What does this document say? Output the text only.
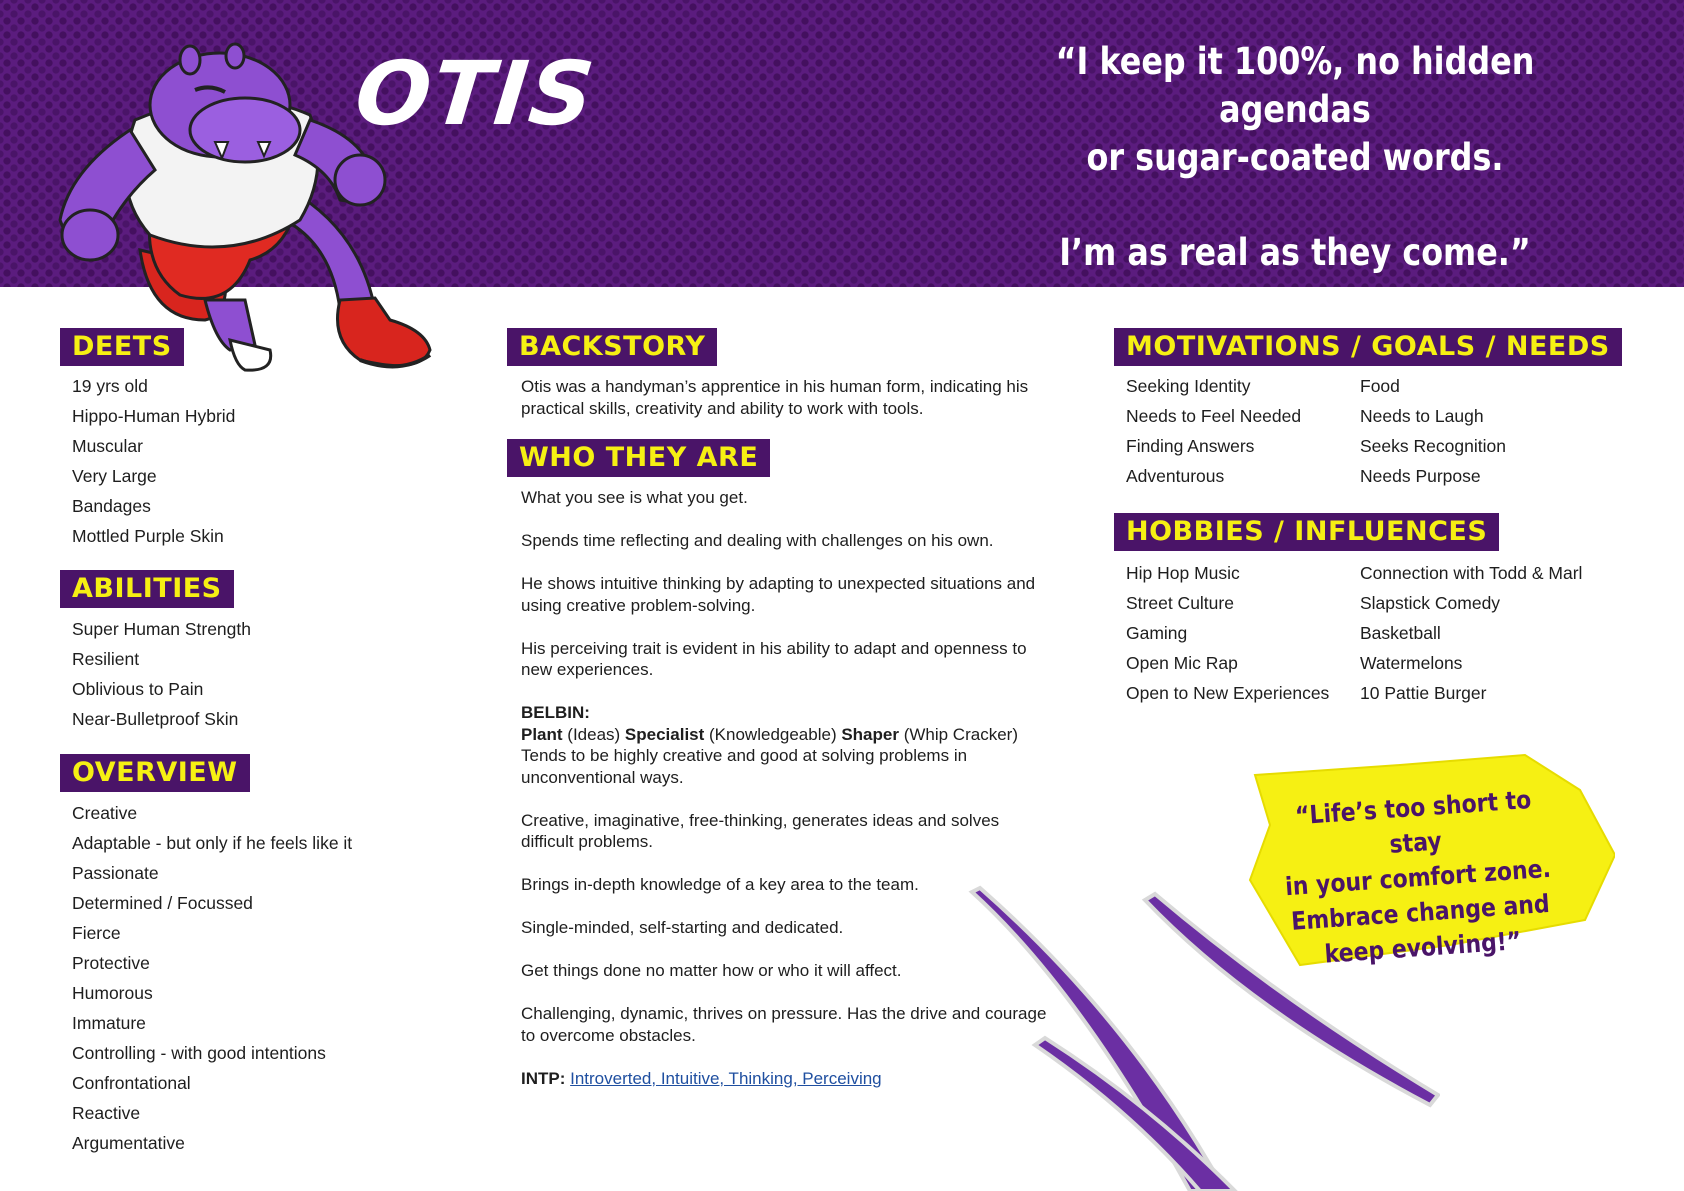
OTIS	“I keep it 100%, no hidden agendas
or sugar-coated words.
I’m as real as they come.”
DEETS
19 yrs old
Hippo-Human Hybrid
Muscular
Very Large
Bandages
Mottled Purple Skin
ABILITIES
Super Human Strength
Resilient
Oblivious to Pain
Near-Bulletproof Skin
OVERVIEW
Creative
Adaptable - but only if he feels like it
Passionate
Determined / Focussed
Fierce
Protective
Humorous
Immature
Controlling - with good intentions
Confrontational
Reactive
Argumentative
BACKSTORY

Otis was a handyman’s apprentice in his human form, indicating his practical skills, creativity and ability to work with tools.

WHO THEY ARE

What you see is what you get.

Spends time reflecting and dealing with challenges on his own.

He shows intuitive thinking by adapting to unexpected situations and using creative problem-solving.

His perceiving trait is evident in his ability to adapt and openness to new experiences.

BELBIN:

Plant (Ideas) Specialist (Knowledgeable) Shaper (Whip Cracker)

Tends to be highly creative and good at solving problems in unconventional ways.

Creative, imaginative, free-thinking, generates ideas and solves difficult problems.

Brings in-depth knowledge of a key area to the team.

Single-minded, self-starting and dedicated.

Get things done no matter how or who it will affect.

Challenging, dynamic, thrives on pressure. Has the drive and courage to overcome obstacles.

INTP: Introverted, Intuitive, Thinking, Perceiving

MOTIVATIONS / GOALS / NEEDS
Seeking Identity
Needs to Feel Needed
Finding Answers
Adventurous
Food
Needs to Laugh
Seeks Recognition
Needs Purpose
HOBBIES / INFLUENCES
Hip Hop Music
Street Culture
Gaming
Open Mic Rap
Open to New Experiences
Connection with Todd & Marl
Slapstick Comedy
Basketball
Watermelons
10 Pattie Burger
“Life’s too short to stay
in your comfort zone.
Embrace change and
keep evolving!”
